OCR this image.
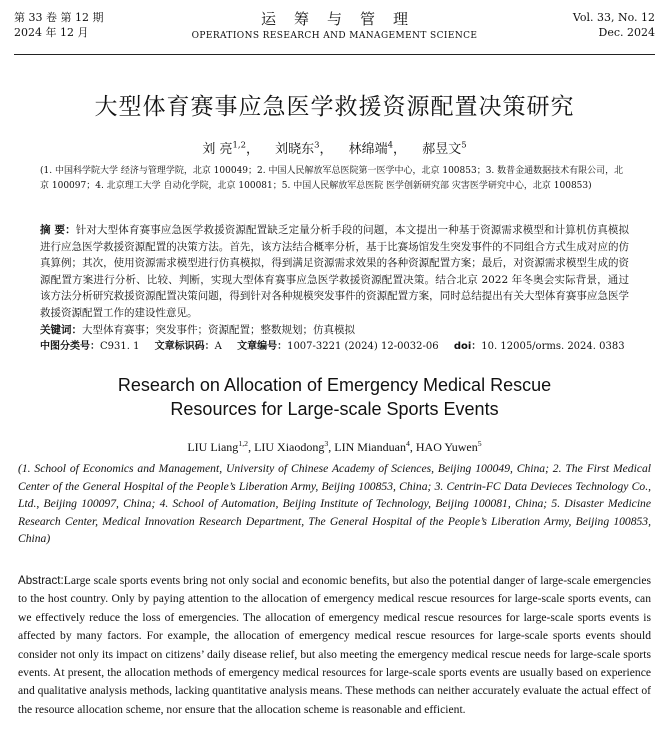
第 33 卷 第 12 期
2024 年 12 月
运筹与管理
OPERATIONS RESEARCH AND MANAGEMENT SCIENCE
Vol. 33, No. 12
Dec. 2024
大型体育赛事应急医学救援资源配置决策研究
刘 亮$^{1,2}$， 刘晓东$^3$， 林绵端$^4$， 郝昱文$^5$
(1. 中国科学院大学 经济与管理学院，北京 100049；2. 中国人民解放军总医院第一医学中心，北京 100853；3. 数普金通数据技术有限公司，北京 100097；4. 北京理工大学 自动化学院，北京 100081；5. 中国人民解放军总医院 医学创新研究部 灾害医学研究中心，北京 100853)
摘 要：针对大型体育赛事应急医学救援资源配置缺乏定量分析手段的问题，本文提出一种基于资源需求模型和计算机仿真模拟进行应急医学救援资源配置的决策方法。首先，该方法结合概率分析，基于比赛场馆发生突发事件的不同组合方式生成对应的仿真算例；其次，使用资源需求模型进行仿真模拟，得到满足资源需求效果的各种资源配置方案；最后，对资源需求模型生成的资源配置方案进行分析、比较、判断，实现大型体育赛事应急医学救援资源配置决策。结合北京 2022 年冬奥会实际背景，通过该方法分析研究救援资源配置决策问题，得到针对各种规模突发事件的资源配置方案，同时总结提出有关大型体育赛事应急医学救援资源配置工作的建设性意见。
关键词：大型体育赛事；突发事件；资源配置；整数规划；仿真模拟
中图分类号：C931. 1 文章标识码：A 文章编号：1007-3221 (2024) 12-0032-06 doi：10. 12005/orms. 2024. 0383
Research on Allocation of Emergency Medical Rescue
Resources for Large-scale Sports Events
LIU Liang$^{1,2}$, LIU Xiaodong$^3$, LIN Mianduan$^4$, HAO Yuwen$^5$
(1. School of Economics and Management, University of Chinese Academy of Sciences, Beijing 100049, China; 2. The First Medical Center of the General Hospital of the People’s Liberation Army, Beijing 100853, China; 3. Centrin-FC Data Devieces Technology Co., Ltd., Beijing 100097, China; 4. School of Automation, Beijing Institute of Technology, Beijing 100081, China; 5. Disaster Medicine Research Center, Medical Innovation Research Department, The General Hospital of the People’s Liberation Army, Beijing 100853, China)
Abstract:Large scale sports events bring not only social and economic benefits, but also the potential danger of large-scale emergencies to the host country. Only by paying attention to the allocation of emergency medical rescue resources for large-scale sports events, can we effectively reduce the loss of emergencies. The allocation of emergency medical rescue resources for large-scale sports events is affected by many factors. For example, the allocation of emergency medical rescue resources for large-scale sports events should consider not only its impact on citizens’ daily disease relief, but also meeting the emergency medical rescue needs for large-scale sports events. At present, the allocation methods of emergency medical resources for large-scale sports events are usually based on experience and qualitative analysis methods, lacking quantitative analysis means. These methods can neither accurately evaluate the actual effect of the resource allocation scheme, nor ensure that the allocation scheme is reasonable and efficient.
